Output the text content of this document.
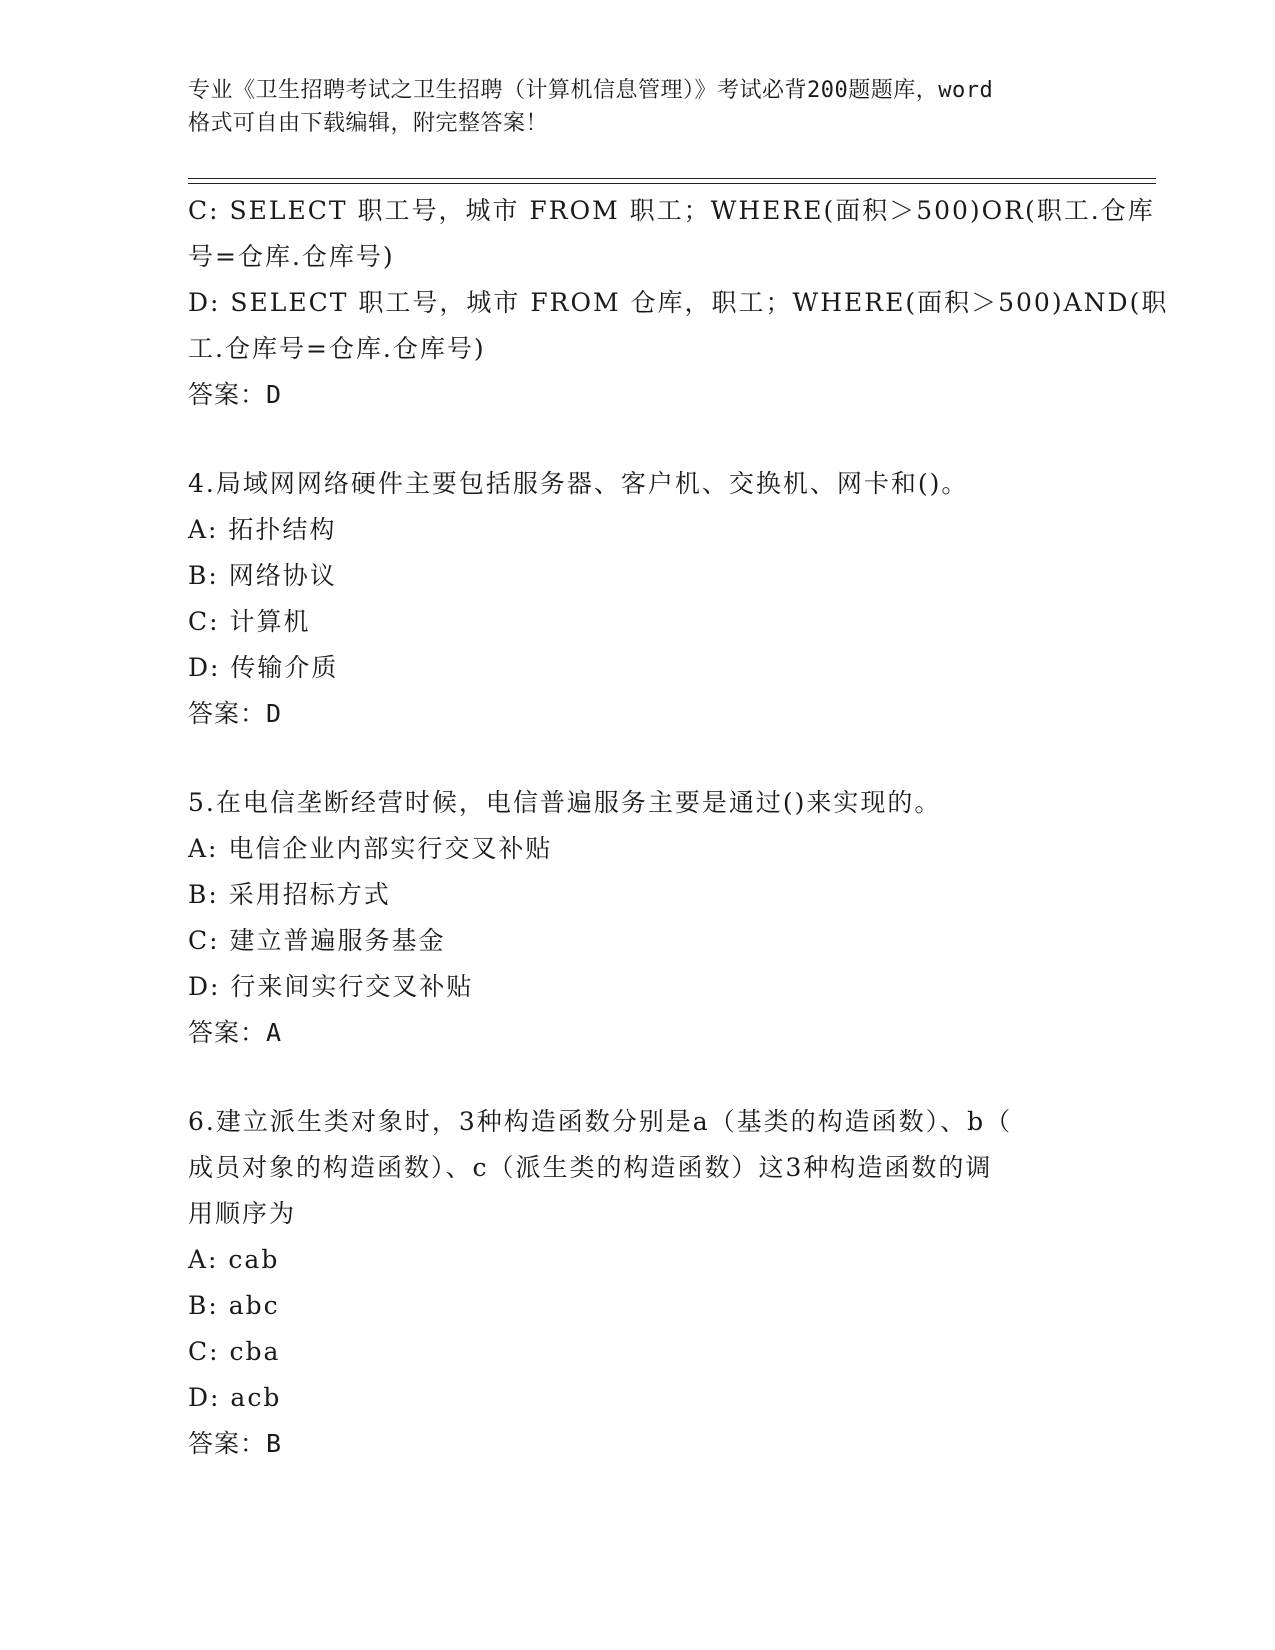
专业《卫生招聘考试之卫生招聘（计算机信息管理）》考试必背200题题库，word
格式可自由下载编辑，附完整答案！
C: SELECT 职工号，城市 FROM 职工；WHERE(面积＞500)OR(职工.仓库
号=仓库.仓库号)
D: SELECT 职工号，城市 FROM 仓库，职工；WHERE(面积＞500)AND(职
工.仓库号=仓库.仓库号)
答案：D
4.局域网网络硬件主要包括服务器、客户机、交换机、网卡和()。
A: 拓扑结构
B: 网络协议
C: 计算机
D: 传输介质
答案：D
5.在电信垄断经营时候，电信普遍服务主要是通过()来实现的。
A: 电信企业内部实行交叉补贴
B: 采用招标方式
C: 建立普遍服务基金
D: 行来间实行交叉补贴
答案：A
6.建立派生类对象时，3种构造函数分别是a（基类的构造函数）、b（
成员对象的构造函数）、c（派生类的构造函数）这3种构造函数的调
用顺序为
A: cab
B: abc
C: cba
D: acb
答案：B
